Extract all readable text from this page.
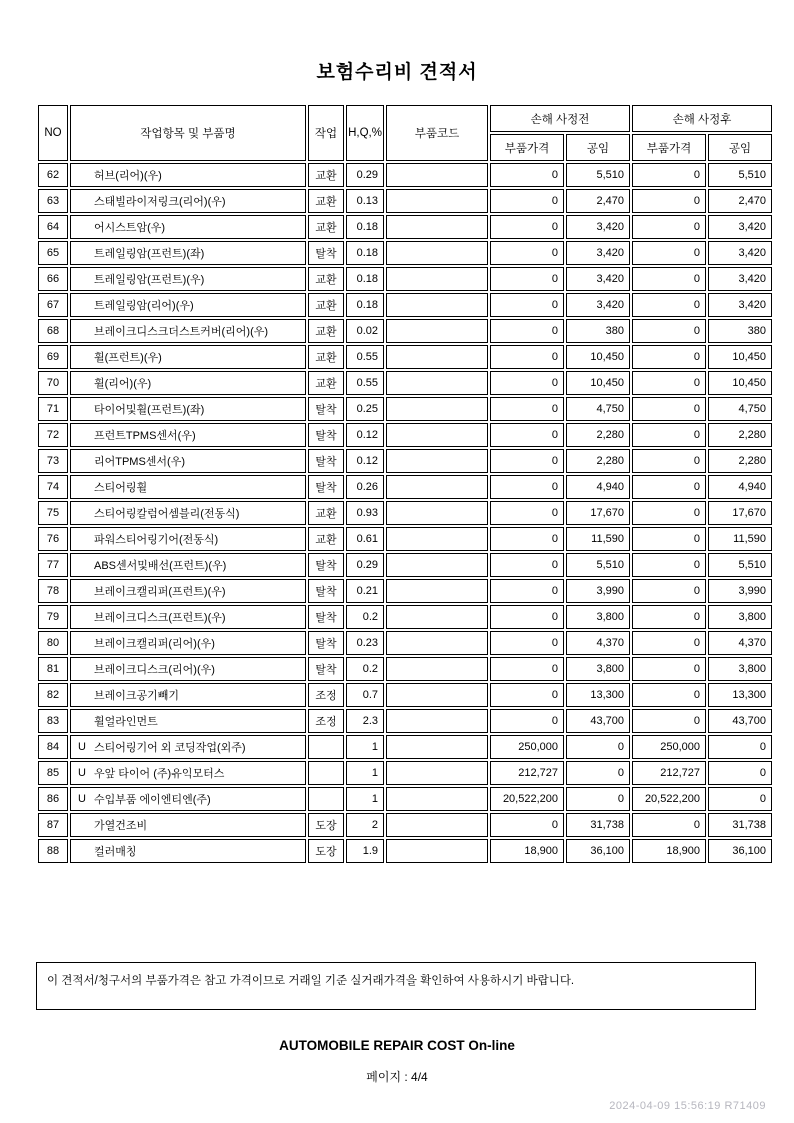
보험수리비 견적서
NO	작업항목 및 부품명	작업	H,Q,%	부품코드	손해 사정전		손해 사정후	
					부품가격	공임	부품가격	공임
62	허브(리어)(우)	교환	0.29		0	5,510	0	5,510
63	스태빌라이저링크(리어)(우)	교환	0.13		0	2,470	0	2,470
64	어시스트암(우)	교환	0.18		0	3,420	0	3,420
65	트레일링암(프런트)(좌)	탈착	0.18		0	3,420	0	3,420
66	트레일링암(프런트)(우)	교환	0.18		0	3,420	0	3,420
67	트레일링암(리어)(우)	교환	0.18		0	3,420	0	3,420
68	브레이크디스크더스트커버(리어)(우)	교환	0.02		0	380	0	380
69	휠(프런트)(우)	교환	0.55		0	10,450	0	10,450
70	휠(리어)(우)	교환	0.55		0	10,450	0	10,450
71	타이어및휠(프런트)(좌)	탈착	0.25		0	4,750	0	4,750
72	프런트TPMS센서(우)	탈착	0.12		0	2,280	0	2,280
73	리어TPMS센서(우)	탈착	0.12		0	2,280	0	2,280
74	스티어링휠	탈착	0.26		0	4,940	0	4,940
75	스티어링칼럼어셈블리(전동식)	교환	0.93		0	17,670	0	17,670
76	파워스티어링기어(전동식)	교환	0.61		0	11,590	0	11,590
77	ABS센서및배선(프런트)(우)	탈착	0.29		0	5,510	0	5,510
78	브레이크캘리퍼(프런트)(우)	탈착	0.21		0	3,990	0	3,990
79	브레이크디스크(프런트)(우)	탈착	0.2		0	3,800	0	3,800
80	브레이크캘리퍼(리어)(우)	탈착	0.23		0	4,370	0	4,370
81	브레이크디스크(리어)(우)	탈착	0.2		0	3,800	0	3,800
82	브레이크공기빼기	조정	0.7		0	13,300	0	13,300
83	휠얼라인먼트	조정	2.3		0	43,700	0	43,700
84	U 스티어링기어 외 코딩작업(외주)		1		250,000	0	250,000	0
85	U 우앞 타이어 (주)유익모터스		1		212,727	0	212,727	0
86	U 수입부품 에이엔티엔(주)		1		20,522,200	0	20,522,200	0
87	가열건조비	도장	2		0	31,738	0	31,738
88	컬러매칭	도장	1.9		18,900	36,100	18,900	36,100
이 견적서/청구서의 부품가격은 참고 가격이므로 거래일 기준 실거래가격을 확인하여 사용하시기 바랍니다.
AUTOMOBILE REPAIR COST On-line
페이지 : 4/4
2024-04-09 15:56:19 R71409
